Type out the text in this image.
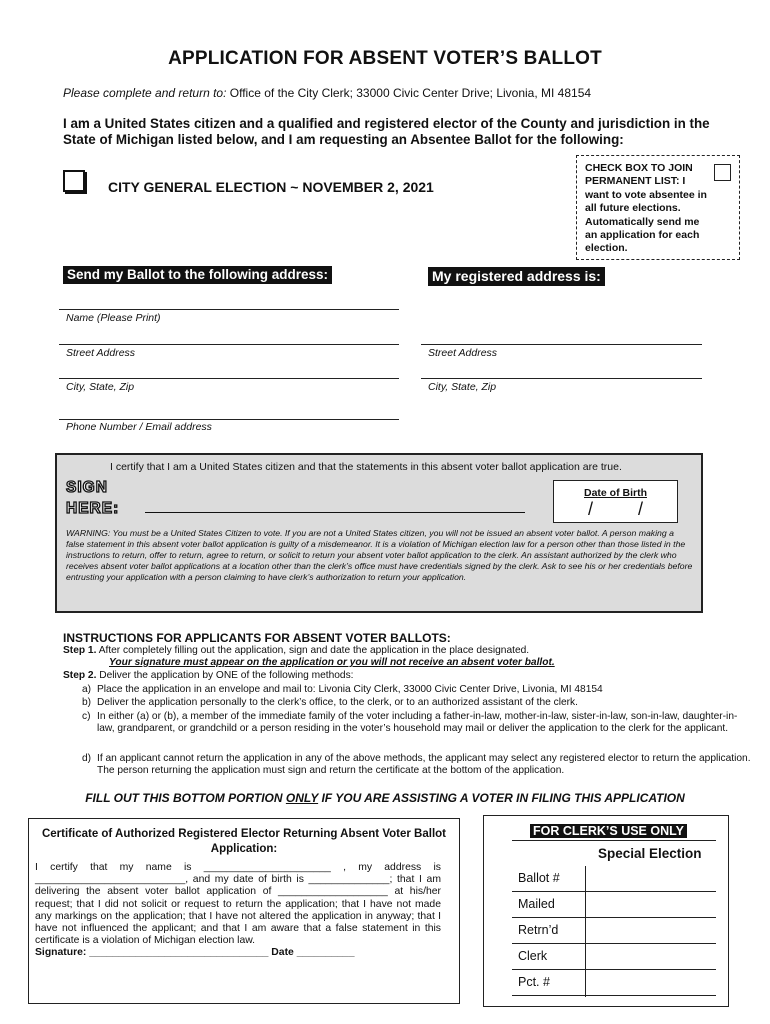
APPLICATION FOR ABSENT VOTER’S BALLOT
Please complete and return to: Office of the City Clerk; 33000 Civic Center Drive; Livonia, MI 48154
I am a United States citizen and a qualified and registered elector of the County and jurisdiction in the State of Michigan listed below, and I am requesting an Absentee Ballot for the following:
CITY GENERAL ELECTION ~ NOVEMBER 2, 2021
CHECK BOX TO JOIN PERMANENT LIST: I want to vote absentee in all future elections. Automatically send me an application for each election.
Send my Ballot to the following address:	My registered address is:
Name (Please Print)
Street Address
City, State, Zip
Phone Number / Email address
Street Address
City, State, Zip
I certify that I am a United States citizen and that the statements in this absent voter ballot application are true.
SIGN
HERE:
Date of Birth
/ /
WARNING: You must be a United States Citizen to vote. If you are not a United States citizen, you will not be issued an absent voter ballot. A person making a false statement in this absent voter ballot application is guilty of a misdemeanor. It is a violation of Michigan election law for a person other than those listed in the instructions to return, offer to return, agree to return, or solicit to return your absent voter ballot application to the clerk. An assistant authorized by the clerk who receives absent voter ballot applications at a location other than the clerk’s office must have credentials signed by the clerk. Ask to see his or her credentials before entrusting your application with a person claiming to have clerk’s authorization to return your application.
INSTRUCTIONS FOR APPLICANTS FOR ABSENT VOTER BALLOTS:
Step 1. After completely filling out the application, sign and date the application in the place designated.
Your signature must appear on the application or you will not receive an absent voter ballot.
Step 2. Deliver the application by ONE of the following methods:
a) Place the application in an envelope and mail to: Livonia City Clerk, 33000 Civic Center Drive, Livonia, MI 48154
b) Deliver the application personally to the clerk’s office, to the clerk, or to an authorized assistant of the clerk.
c) In either (a) or (b), a member of the immediate family of the voter including a father-in-law, mother-in-law, sister-in-law, son-in-law, daughter-in-law, grandparent, or grandchild or a person residing in the voter’s household may mail or deliver the application to the clerk for the applicant.
d) If an applicant cannot return the application in any of the above methods, the applicant may select any registered elector to return the application. The person returning the application must sign and return the certificate at the bottom of the application.
FILL OUT THIS BOTTOM PORTION ONLY IF YOU ARE ASSISTING A VOTER IN FILING THIS APPLICATION
Certificate of Authorized Registered Elector Returning Absent Voter Ballot Application:
I certify that my name is ______________________ , my address is __________________________, and my date of birth is ______________; that I am delivering the absent voter ballot application of ___________________ at his/her request; that I did not solicit or request to return the application; that I have not made any markings on the application; that I have not altered the application in anyway; that I have not influenced the applicant; and that I am aware that a false statement in this certificate is a violation of Michigan election law.
Signature: _______________________________ Date __________
FOR CLERK’S USE ONLY
Special Election
Ballot #
Mailed
Retrn’d
Clerk
Pct. #
